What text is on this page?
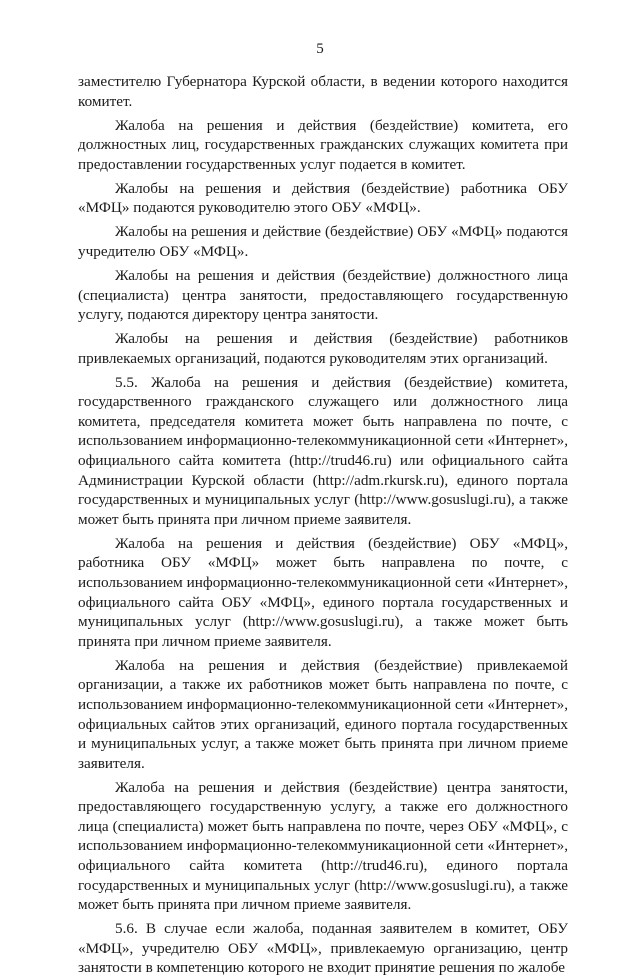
5

заместителю Губернатора Курской области, в ведении которого находится комитет.

Жалоба на решения и действия (бездействие) комитета, его должностных лиц, государственных гражданских служащих комитета при предоставлении государственных услуг подается в комитет.

Жалобы на решения и действия (бездействие) работника ОБУ «МФЦ» подаются руководителю этого ОБУ «МФЦ».

Жалобы на решения и действие (бездействие) ОБУ «МФЦ» подаются учредителю ОБУ «МФЦ».

Жалобы на решения и действия (бездействие) должностного лица (специалиста) центра занятости, предоставляющего государственную услугу, подаются директору центра занятости.

Жалобы на решения и действия (бездействие) работников привлекаемых организаций, подаются руководителям этих организаций.

5.5. Жалоба на решения и действия (бездействие) комитета, государственного гражданского служащего или должностного лица комитета, председателя комитета может быть направлена по почте, с использованием информационно-телекоммуникационной сети «Интернет», официального сайта комитета (http://trud46.ru) или официального сайта Администрации Курской области (http://adm.rkursk.ru), единого портала государственных и муниципальных услуг (http://www.gosuslugi.ru), а также может быть принята при личном приеме заявителя.

Жалоба на решения и действия (бездействие) ОБУ «МФЦ», работника ОБУ «МФЦ» может быть направлена по почте, с использованием информационно-телекоммуникационной сети «Интернет», официального сайта ОБУ «МФЦ», единого портала государственных и муниципальных услуг (http://www.gosuslugi.ru), а также может быть принята при личном приеме заявителя.

Жалоба на решения и действия (бездействие) привлекаемой организации, а также их работников может быть направлена по почте, с использованием информационно-телекоммуникационной сети «Интернет», официальных сайтов этих организаций, единого портала государственных и муниципальных услуг, а также может быть принята при личном приеме заявителя.

Жалоба на решения и действия (бездействие) центра занятости, предоставляющего государственную услугу, а также его должностного лица (специалиста) может быть направлена по почте, через ОБУ «МФЦ», с использованием информационно-телекоммуникационной сети «Интернет», официального сайта комитета (http://trud46.ru), единого портала государственных и муниципальных услуг (http://www.gosuslugi.ru), а также может быть принята при личном приеме заявителя.

5.6. В случае если жалоба, поданная заявителем в комитет, ОБУ «МФЦ», учредителю ОБУ «МФЦ», привлекаемую организацию, центр занятости в компетенцию которого не входит принятие решения по жалобе
